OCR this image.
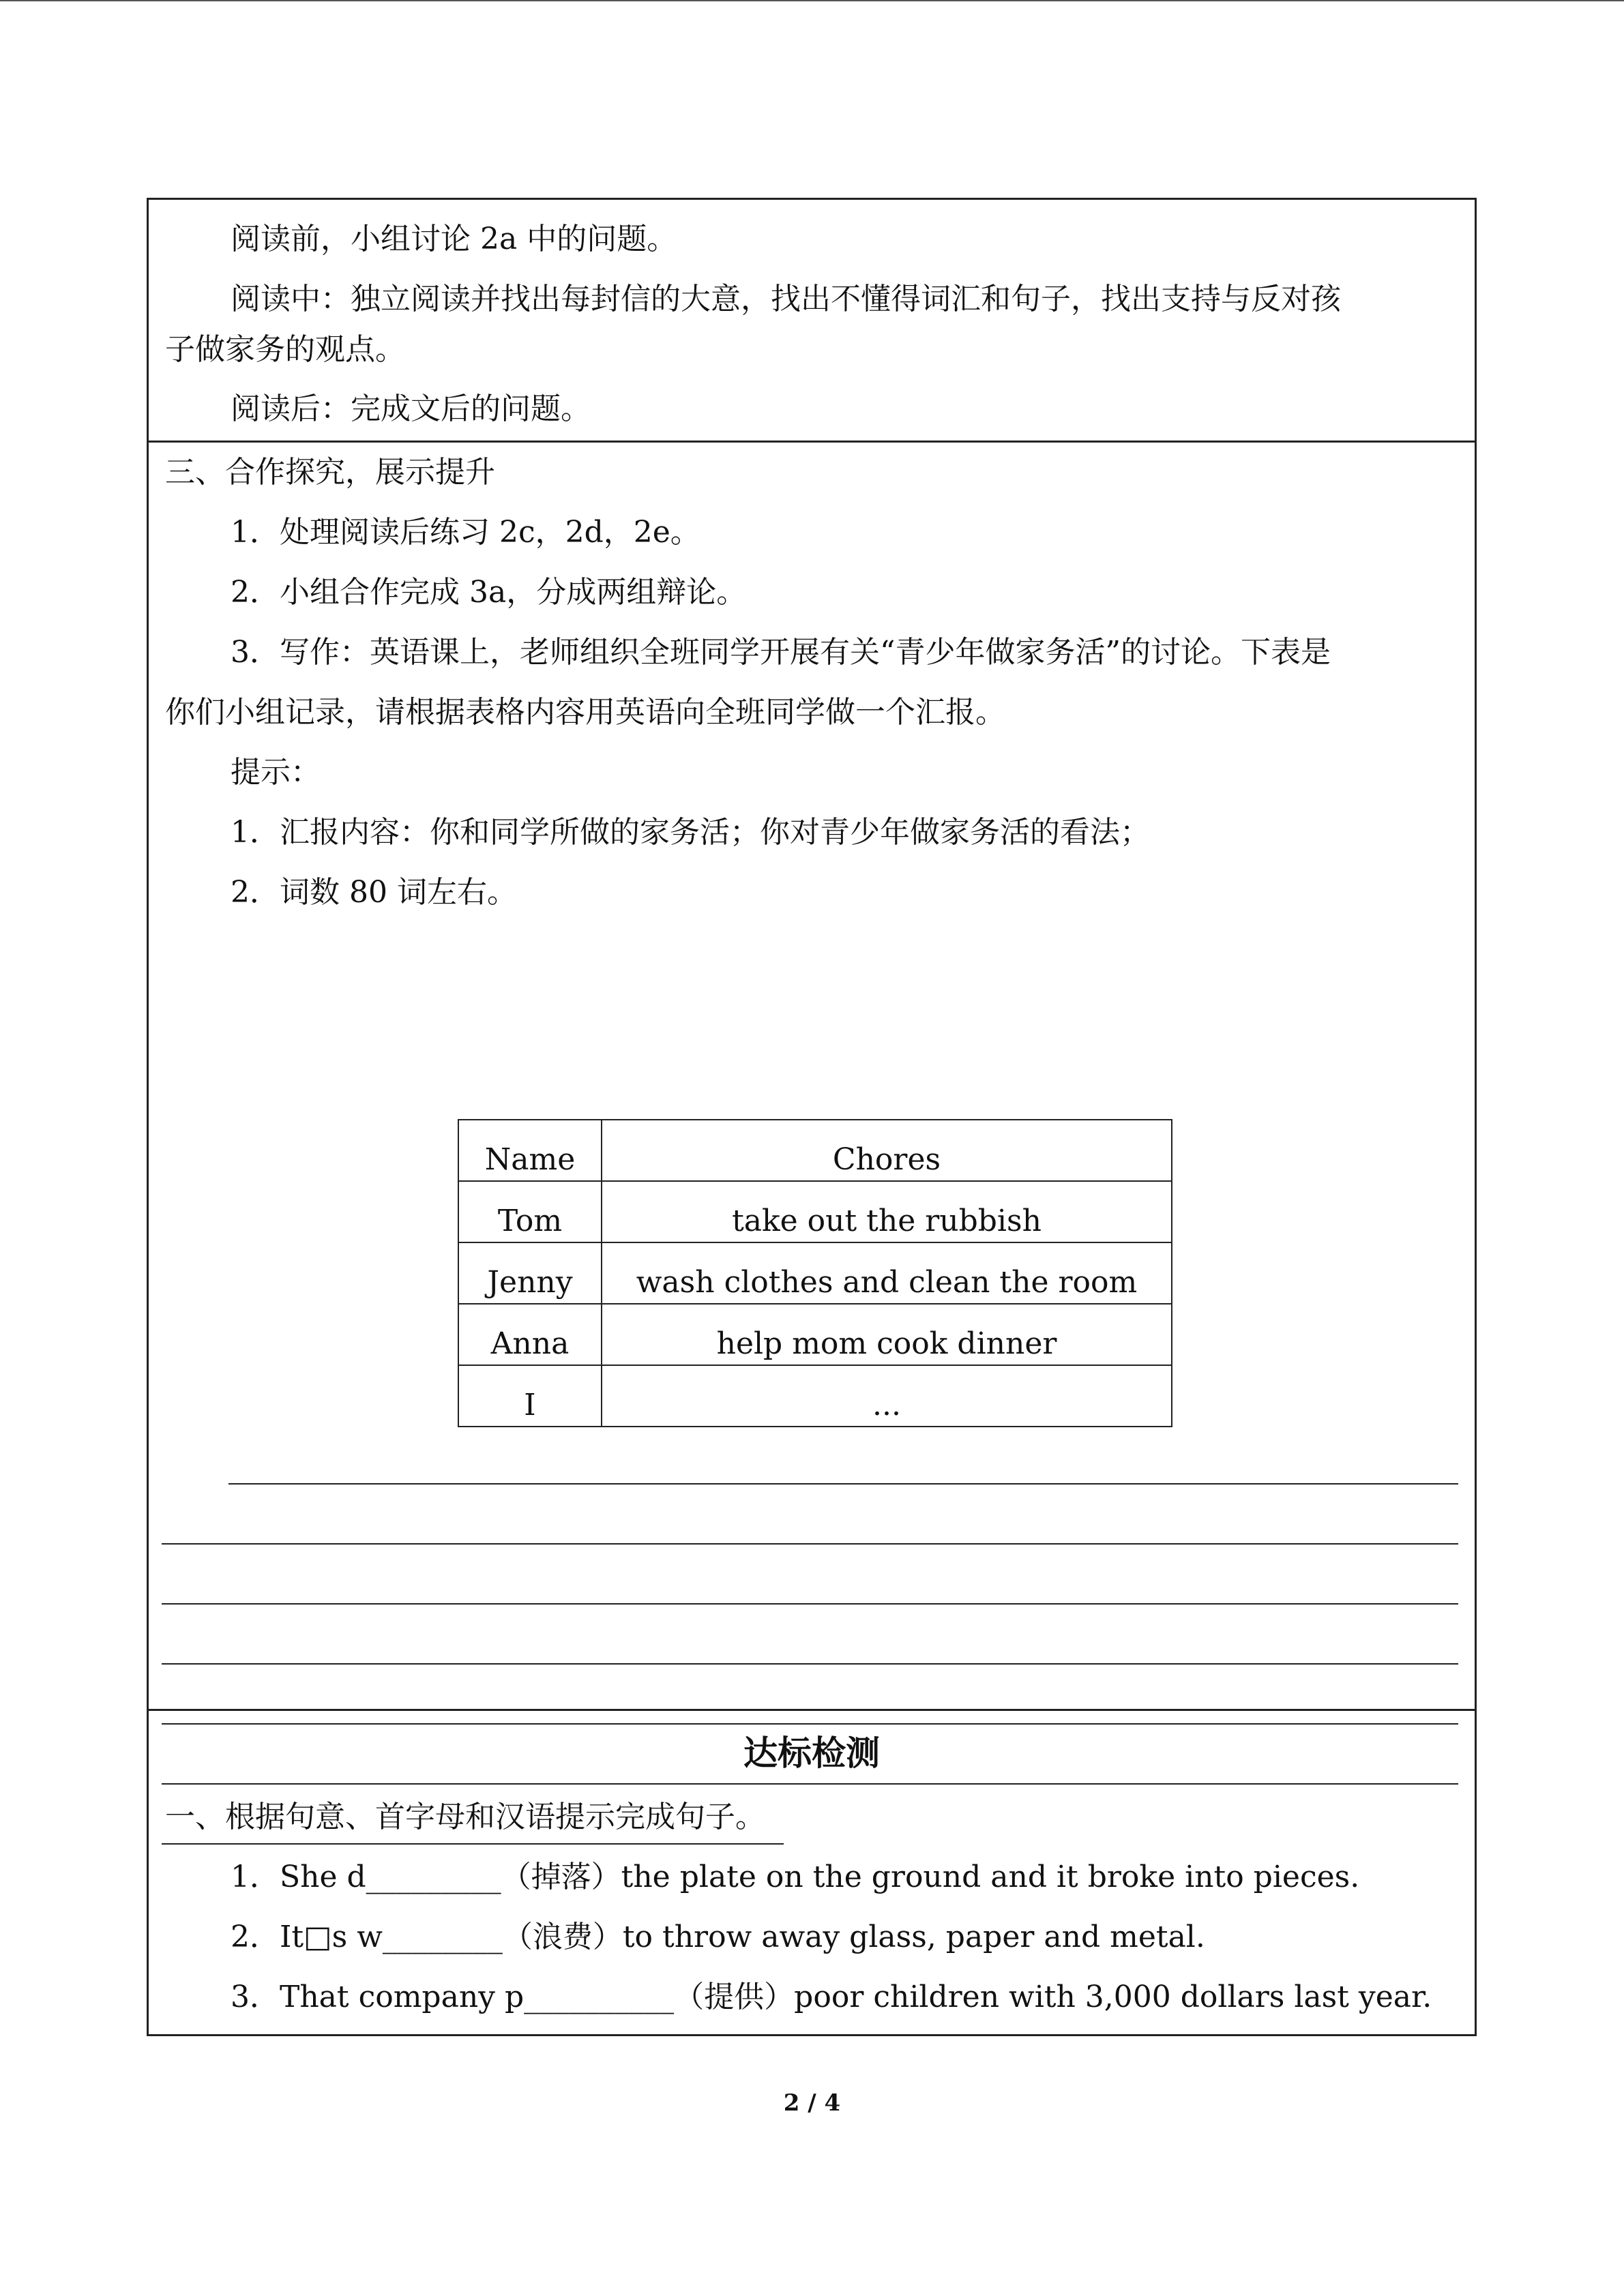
阅读前，小组讨论 2a 中的问题。
阅读中：独立阅读并找出每封信的大意，找出不懂得词汇和句子，找出支持与反对孩
子做家务的观点。
阅读后：完成文后的问题。
三、合作探究，展示提升
1．处理阅读后练习 2c，2d，2e。
2．小组合作完成 3a，分成两组辩论。
3．写作：英语课上，老师组织全班同学开展有关“青少年做家务活”的讨论。下表是
你们小组记录，请根据表格内容用英语向全班同学做一个汇报。
提示：
1．汇报内容：你和同学所做的家务活；你对青少年做家务活的看法；
2．词数 80 词左右。
Name	Chores
Tom	take out the rubbish
Jenny	wash clothes and clean the room
Anna	help mom cook dinner
I	...
达标检测
一、根据句意、首字母和汉语提示完成句子。
1．She d_________（掉落）the plate on the ground and it broke into pieces.
2．It□s w________（浪费）to throw away glass, paper and metal.
3．That company p__________（提供）poor children with 3,000 dollars last year.
2 / 4
